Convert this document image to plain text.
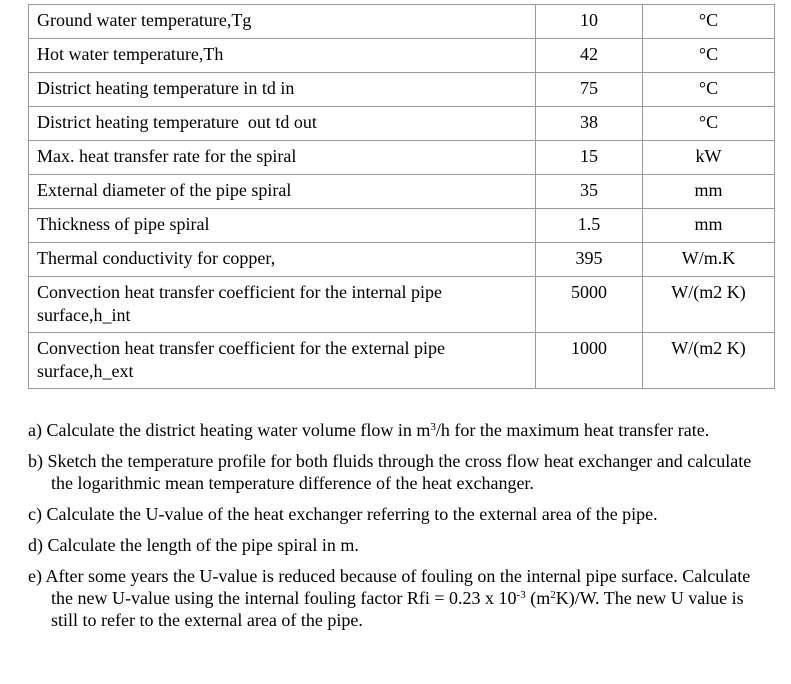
Ground water temperature,Tg	10	°C
Hot water temperature,Th	42	°C
District heating temperature in td in	75	°C
District heating temperature  out td out	38	°C
Max. heat transfer rate for the spiral	15	kW
External diameter of the pipe spiral	35	mm
Thickness of pipe spiral	1.5	mm
Thermal conductivity for copper,	395	W/m.K
Convection heat transfer coefficient for the internal pipe surface,h_int	5000	W/(m2 K)
Convection heat transfer coefficient for the external pipe surface,h_ext	1000	W/(m2 K)
a) Calculate the district heating water volume flow in $m^3/h$ for the maximum heat transfer rate.
b) Sketch the temperature profile for both fluids through the cross flow heat exchanger and calculate the logarithmic mean temperature difference of the heat exchanger.
c) Calculate the U-value of the heat exchanger referring to the external area of the pipe.
d) Calculate the length of the pipe spiral in m.
e) After some years the U-value is reduced because of fouling on the internal pipe surface. Calculate the new U-value using the internal fouling factor Rfi = 0.23 x $10^{-3}$ $(m^2K)/W$. The new U value is still to refer to the external area of the pipe.
